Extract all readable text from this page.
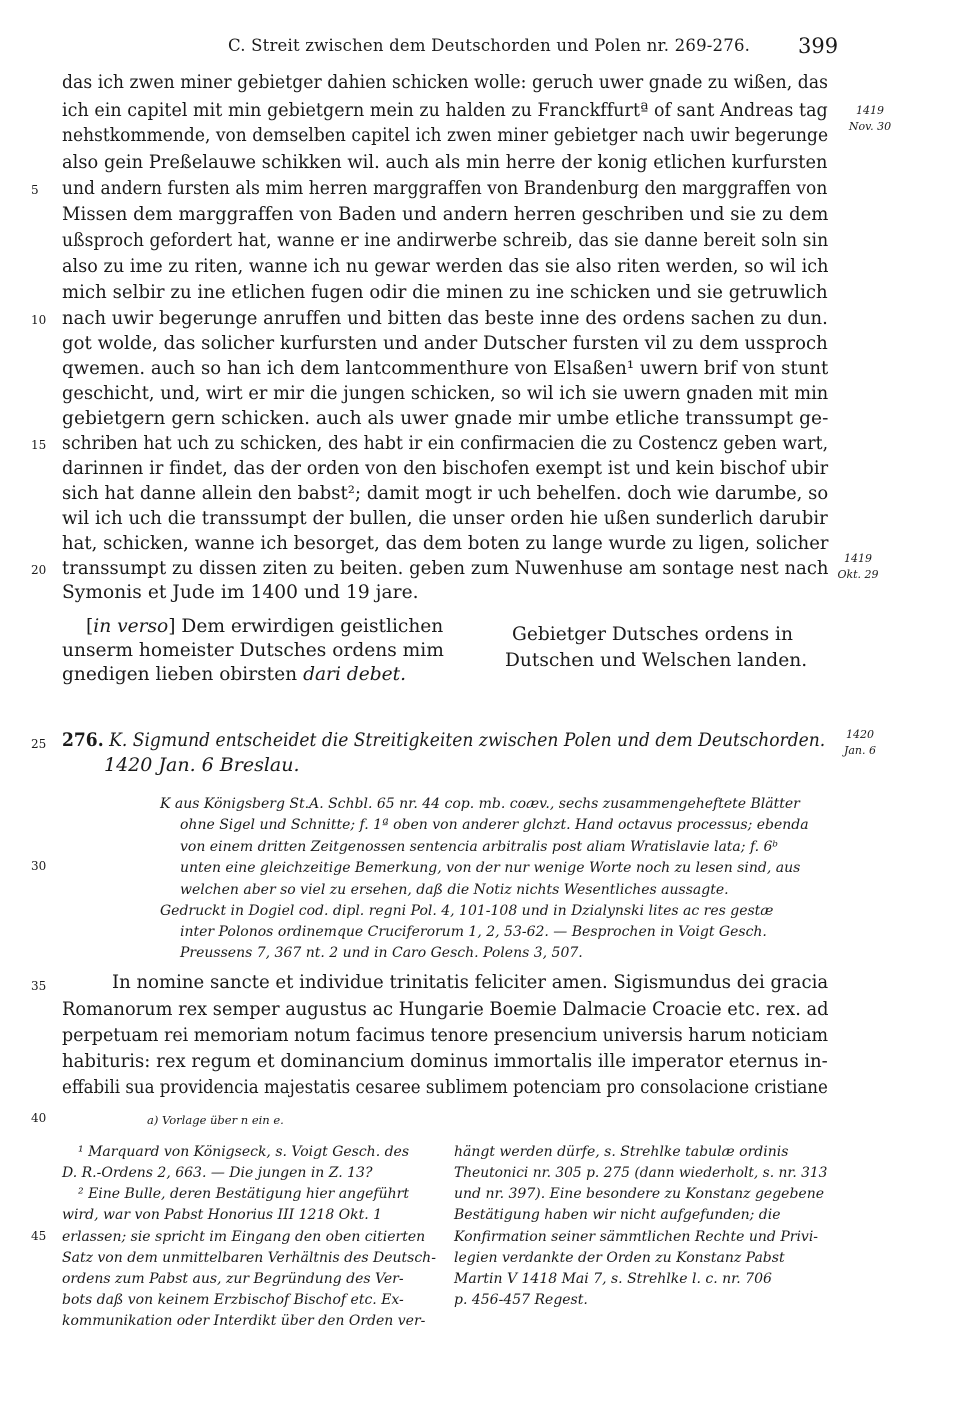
C. Streit zwischen dem Deutschorden und Polen nr. 269-276. 399
das ich zwen miner gebietger dahien schicken wolle: geruch uwer gnade zu wißen, das
ich ein capitel mit min gebietgern mein zu halden zu Franckffurtª of sant Andreas tag
nehstkommende, von demselben capitel ich zwen miner gebietger nach uwir begerunge
also gein Preßelauwe schikken wil. auch als min herre der konig etlichen kurfursten
und andern fursten als mim herren marggraffen von Brandenburg den marggraffen von
Missen dem marggraffen von Baden und andern herren geschriben und sie zu dem
ußsproch gefordert hat, wanne er ine andirwerbe schreib, das sie danne bereit soln sin
also zu ime zu riten, wanne ich nu gewar werden das sie also riten werden, so wil ich
mich selbir zu ine etlichen fugen odir die minen zu ine schicken und sie getruwlich
nach uwir begerunge anruffen und bitten das beste inne des ordens sachen zu dun.
got wolde, das solicher kurfursten und ander Dutscher fursten vil zu dem ussproch
qwemen. auch so han ich dem lantcommenthure von Elsaßen¹ uwern brif von stunt
geschicht, und, wirt er mir die jungen schicken, so wil ich sie uwern gnaden mit min
gebietgern gern schicken. auch als uwer gnade mir umbe etliche transsumpt ge-
schriben hat uch zu schicken, des habt ir ein confirmacien die zu Costencz geben wart,
darinnen ir findet, das der orden von den bischofen exempt ist und kein bischof ubir
sich hat danne allein den babst²; damit mogt ir uch behelfen. doch wie darumbe, so
wil ich uch die transsumpt der bullen, die unser orden hie ußen sunderlich darubir
hat, schicken, wanne ich besorget, das dem boten zu lange wurde zu ligen, solicher
transsumpt zu dissen ziten zu beiten. geben zum Nuwenhuse am sontage nest nach
Symonis et Jude im 1400 und 19 jare.
5
10
15
20
1419
Nov. 30
1419
Okt. 29
[in verso] Dem erwirdigen geistlichen
unserm homeister Dutsches ordens mim
gnedigen lieben obirsten dari debet.
Gebietger Dutsches ordens in
Dutschen und Welschen landen.
25 276. K. Sigmund entscheidet die Streitigkeiten zwischen Polen und dem Deutschorden.
1420 Jan. 6 Breslau.
1420
Jan. 6
K aus Königsberg St.A. Schbl. 65 nr. 44 cop. mb. coæv., sechs zusammengeheftete Blätter
ohne Sigel und Schnitte; f. 1ª oben von anderer glchzt. Hand octavus processus; ebenda
von einem dritten Zeitgenossen sentencia arbitralis post aliam Wratislavie lata; f. 6ᵇ
unten eine gleichzeitige Bemerkung, von der nur wenige Worte noch zu lesen sind, aus
welchen aber so viel zu ersehen, daß die Notiz nichts Wesentliches aussagte.
Gedruckt in Dogiel cod. dipl. regni Pol. 4, 101-108 und in Dzialynski lites ac res gestæ
inter Polonos ordinemque Cruciferorum 1, 2, 53-62. — Besprochen in Voigt Gesch.
Preussens 7, 367 nt. 2 und in Caro Gesch. Polens 3, 507.
30
35	In nomine sancte et individue trinitatis feliciter amen. Sigismundus dei gracia
Romanorum rex semper augustus ac Hungarie Boemie Dalmacie Croacie etc. rex. ad
perpetuam rei memoriam notum facimus tenore presencium universis harum noticiam
habituris: rex regum et dominancium dominus immortalis ille imperator eternus in-
effabili sua providencia majestatis cesaree sublimem potenciam pro consolacione cristiane
40	a) Vorlage über n ein e.
¹ Marquard von Königseck, s. Voigt Gesch. des
D. R.-Ordens 2, 663. — Die jungen in Z. 13?
² Eine Bulle, deren Bestätigung hier angeführt
wird, war von Pabst Honorius III 1218 Okt. 1
erlassen; sie spricht im Eingang den oben citierten
Satz von dem unmittelbaren Verhältnis des Deutsch-
ordens zum Pabst aus, zur Begründung des Ver-
bots daß von keinem Erzbischof Bischof etc. Ex-
kommunikation oder Interdikt über den Orden ver-
45
hängt werden dürfe, s. Strehlke tabulæ ordinis
Theutonici nr. 305 p. 275 (dann wiederholt, s. nr. 313
und nr. 397). Eine besondere zu Konstanz gegebene
Bestätigung haben wir nicht aufgefunden; die
Konfirmation seiner sämmtlichen Rechte und Privi-
legien verdankte der Orden zu Konstanz Pabst
Martin V 1418 Mai 7, s. Strehlke l. c. nr. 706
p. 456-457 Regest.
